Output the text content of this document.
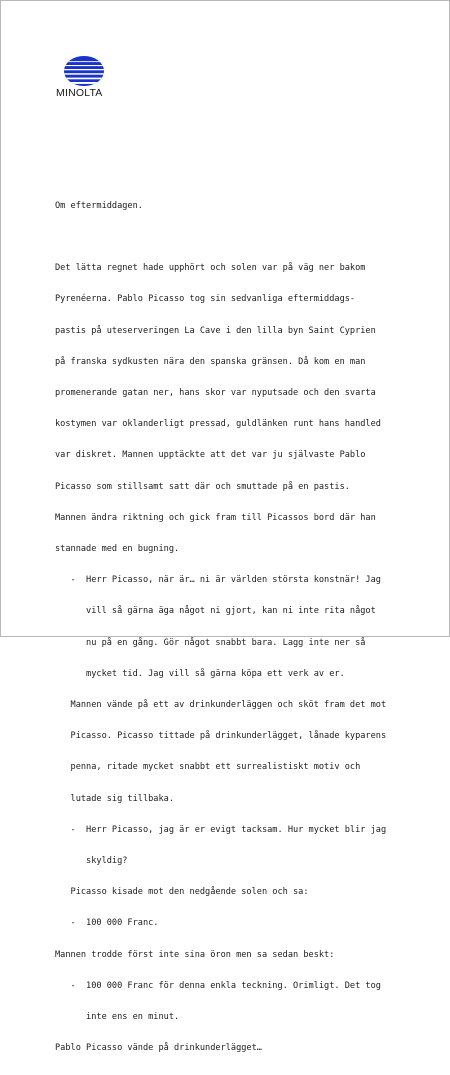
MINOLTA

Om eftermiddagen.

Det lätta regnet hade upphört och solen var på väg ner bakom

Pyrenéerna. Pablo Picasso tog sin sedvanliga eftermiddags-

pastis på uteserveringen La Cave i den lilla byn Saint Cyprien

på franska sydkusten nära den spanska gränsen. Då kom en man

promenerande gatan ner, hans skor var nyputsade och den svarta

kostymen var oklanderligt pressad, guldlänken runt hans handled

var diskret. Mannen upptäckte att det var ju självaste Pablo

Picasso som stillsamt satt där och smuttade på en pastis.

Mannen ändra riktning och gick fram till Picassos bord där han

stannade med en bugning.

-  Herr Picasso, när är… ni är världen största konstnär! Jag

vill så gärna äga något ni gjort, kan ni inte rita något

nu på en gång. Gör något snabbt bara. Lagg inte ner så

mycket tid. Jag vill så gärna köpa ett verk av er.

Mannen vände på ett av drinkunderläggen och sköt fram det mot

Picasso. Picasso tittade på drinkunderlägget, lånade kyparens

penna, ritade mycket snabbt ett surrealistiskt motiv och

lutade sig tillbaka.

-  Herr Picasso, jag är er evigt tacksam. Hur mycket blir jag

skyldig?

Picasso kisade mot den nedgående solen och sa:

-  100 000 Franc.

Mannen trodde först inte sina öron men sa sedan beskt:

-  100 000 Franc för denna enkla teckning. Orimligt. Det tog

inte ens en minut.

Pablo Picasso vände på drinkunderlägget…
